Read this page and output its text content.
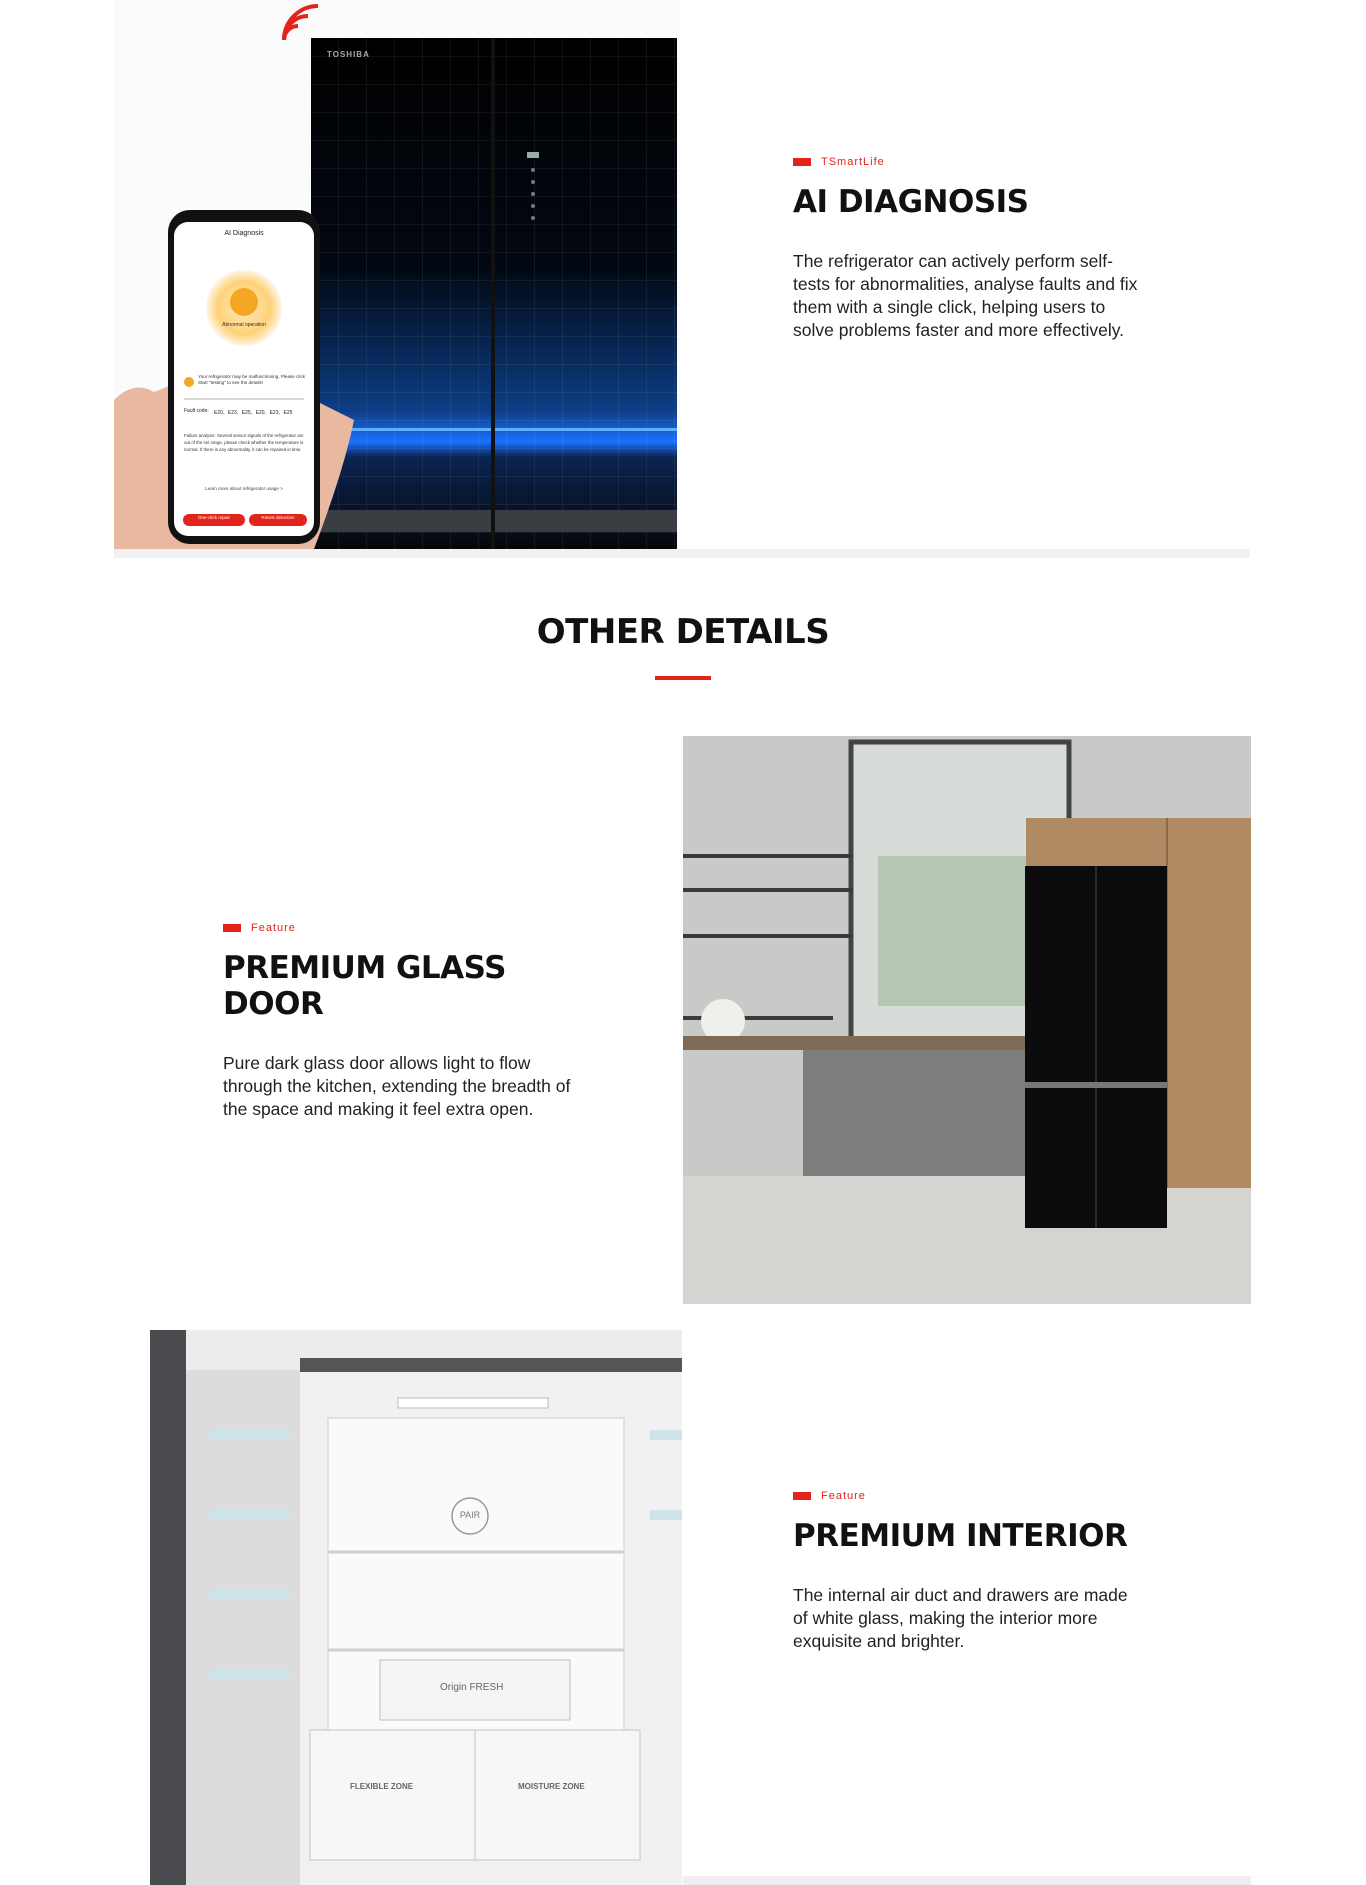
TOSHIBA
AI Diagnosis
Abnormal operation
Your refrigerator may be malfunctioning, Please click Start "testing" to see the details!
Fault code: E20、E23、E25、E20、E23、E25
Failure analysis: Several sensor signals of the refrigerator are out of the set range, please check whether the temperature is normal. If there is any abnormality, it can be repaired in time.
Learn more about refrigerator usage >
One-click repair	Retest detection
TSmartLife
AI DIAGNOSIS

The refrigerator can actively perform self-tests for abnormalities, analyse faults and fix them with a single click, helping users to solve problems faster and more effectively.

OTHER DETAILS
Feature
PREMIUM GLASS DOOR

Pure dark glass door allows light to flow through the kitchen, extending the breadth of the space and making it feel extra open.

PAIR
Origin FRESH
FLEXIBLE ZONE	MOISTURE ZONE
Feature
PREMIUM INTERIOR

The internal air duct and drawers are made of white glass, making the interior more exquisite and brighter.
